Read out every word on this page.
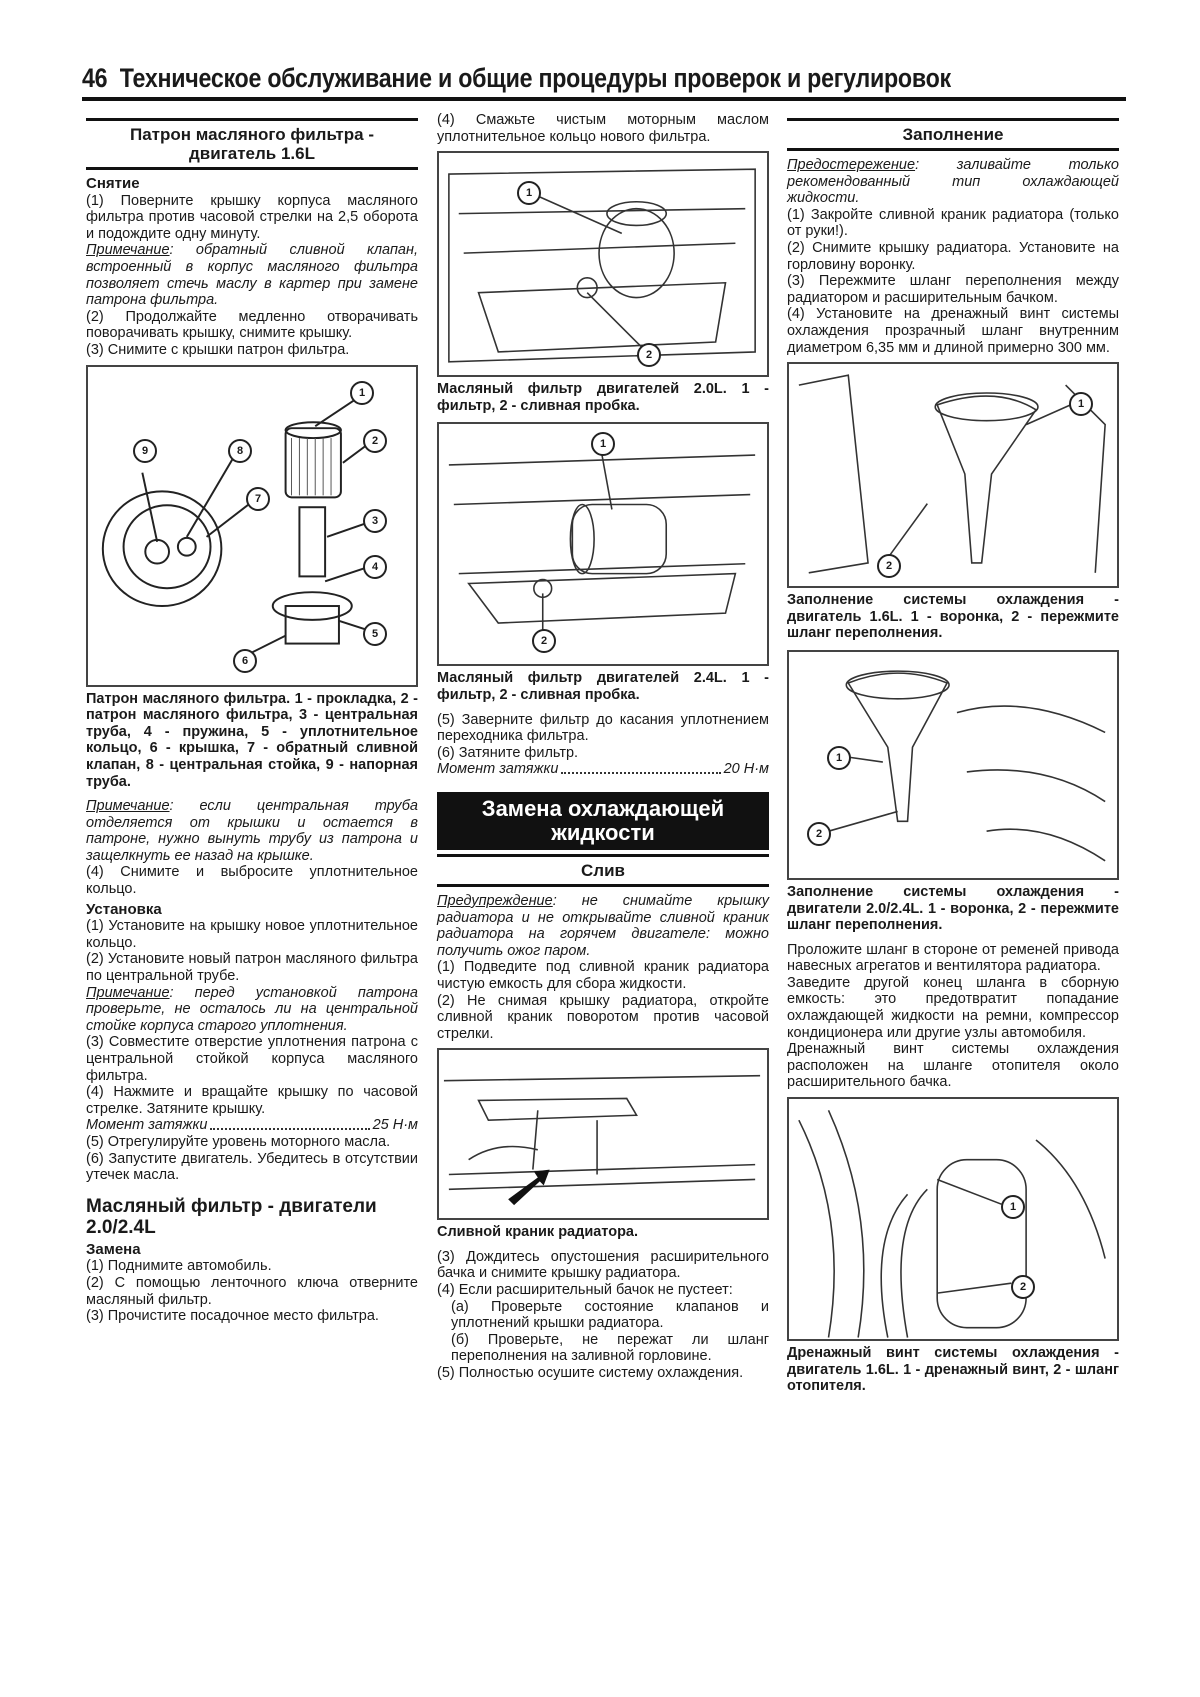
46 Техническое обслуживание и общие процедуры проверок и регулировок
Патрон масляного фильтра - двигатель 1.6L
Снятие

(1) Поверните крышку корпуса масляного фильтра против часовой стрелки на 2,5 оборота и подождите одну минуту.

Примечание: обратный сливной клапан, встроенный в корпус масляного фильтра позволяет стечь маслу в картер при замене патрона фильтра.

(2) Продолжайте медленно отворачивать поворачивать крышку, снимите крышку.

(3) Снимите с крышки патрон фильтра.

1
2
3
4
5
6
7
8
9

Патрон масляного фильтра. 1 - прокладка, 2 - патрон масляного фильтра, 3 - центральная труба, 4 - пружина, 5 - уплотнительное кольцо, 6 - крышка, 7 - обратный сливной клапан, 8 - центральная стойка, 9 - напорная труба.

Примечание: если центральная труба отделяется от крышки и остается в патроне, нужно вынуть трубу из патрона и защелкнуть ее назад на крышке.

(4) Снимите и выбросите уплотнительное кольцо.

Установка

(1) Установите на крышку новое уплотнительное кольцо.

(2) Установите новый патрон масляного фильтра по центральной трубе.

Примечание: перед установкой патрона проверьте, не осталось ли на центральной стойке корпуса старого уплотнения.

(3) Совместите отверстие уплотнения патрона с центральной стойкой корпуса масляного фильтра.

(4) Нажмите и вращайте крышку по часовой стрелке. Затяните крышку.

Момент затяжки	25 Н·м

(5) Отрегулируйте уровень моторного масла.

(6) Запустите двигатель. Убедитесь в отсутствии утечек масла.

Масляный фильтр - двигатели 2.0/2.4L
Замена

(1) Поднимите автомобиль.

(2) С помощью ленточного ключа отверните масляный фильтр.

(3) Прочистите посадочное место фильтра.

(4) Смажьте чистым моторным маслом уплотнительное кольцо нового фильтра.

1
2

Масляный фильтр двигателей 2.0L. 1 - фильтр, 2 - сливная пробка.

1
2

Масляный фильтр двигателей 2.4L. 1 - фильтр, 2 - сливная пробка.

(5) Заверните фильтр до касания уплотнением переходника фильтра.

(6) Затяните фильтр.

Момент затяжки	20 Н·м
Замена охлаждающей жидкости
Слив

Предупреждение: не снимайте крышку радиатора и не открывайте сливной краник радиатора на горячем двигателе: можно получить ожог паром.

(1) Подведите под сливной краник радиатора чистую емкость для сбора жидкости.

(2) Не снимая крышку радиатора, откройте сливной краник поворотом против часовой стрелки.

Сливной краник радиатора.

(3) Дождитесь опустошения расширительного бачка и снимите крышку радиатора.

(4) Если расширительный бачок не пустеет:

(а) Проверьте состояние клапанов и уплотнений крышки радиатора.

(б) Проверьте, не пережат ли шланг переполнения на заливной горловине.

(5) Полностью осушите систему охлаждения.

Заполнение

Предостережение: заливайте только рекомендованный тип охлаждающей жидкости.

(1) Закройте сливной краник радиатора (только от руки!).

(2) Снимите крышку радиатора. Установите на горловину воронку.

(3) Пережмите шланг переполнения между радиатором и расширительным бачком.

(4) Установите на дренажный винт системы охлаждения прозрачный шланг внутренним диаметром 6,35 мм и длиной примерно 300 мм.

1
2

Заполнение системы охлаждения - двигатель 1.6L. 1 - воронка, 2 - пережмите шланг переполнения.

1
2

Заполнение системы охлаждения - двигатели 2.0/2.4L. 1 - воронка, 2 - пережмите шланг переполнения.

Проложите шланг в стороне от ременей привода навесных агрегатов и вентилятора радиатора.

Заведите другой конец шланга в сборную емкость: это предотвратит попадание охлаждающей жидкости на ремни, компрессор кондиционера или другие узлы автомобиля.

Дренажный винт системы охлаждения расположен на шланге отопителя около расширительного бачка.

1
2

Дренажный винт системы охлаждения - двигатель 1.6L. 1 - дренажный винт, 2 - шланг отопителя.
